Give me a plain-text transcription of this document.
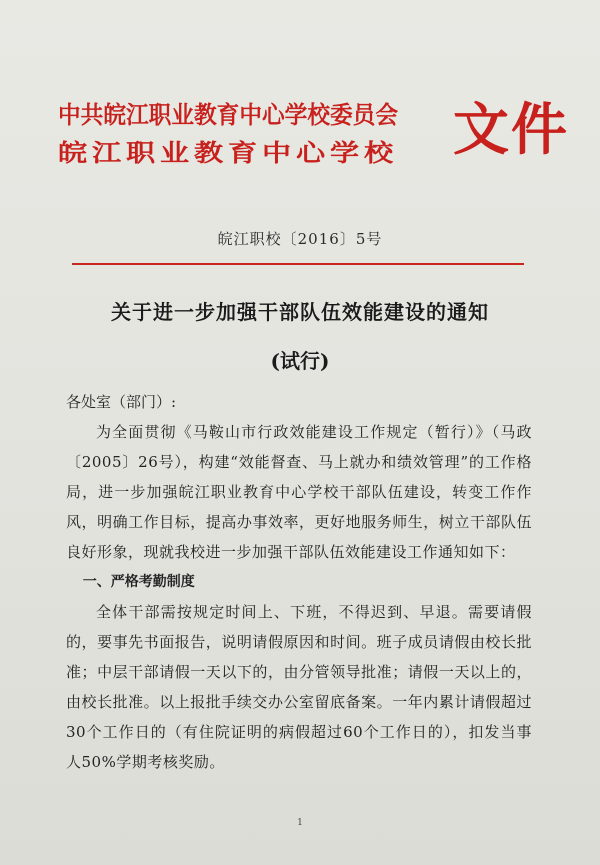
中共皖江职业教育中心学校委员会
皖江职业教育中心学校 文件
皖江职校〔2016〕5号
关于进一步加强干部队伍效能建设的通知
(试行)

各处室（部门）:

为全面贯彻《马鞍山市行政效能建设工作规定（暂行）》（马政〔2005〕26号），构建“效能督查、马上就办和绩效管理”的工作格局，进一步加强皖江职业教育中心学校干部队伍建设，转变工作作风，明确工作目标，提高办事效率，更好地服务师生，树立干部队伍良好形象，现就我校进一步加强干部队伍效能建设工作通知如下：

一、严格考勤制度

全体干部需按规定时间上、下班，不得迟到、早退。需要请假的，要事先书面报告，说明请假原因和时间。班子成员请假由校长批准；中层干部请假一天以下的，由分管领导批准；请假一天以上的，由校长批准。以上报批手续交办公室留底备案。一年内累计请假超过30个工作日的（有住院证明的病假超过60个工作日的），扣发当事人50%学期考核奖励。

1
